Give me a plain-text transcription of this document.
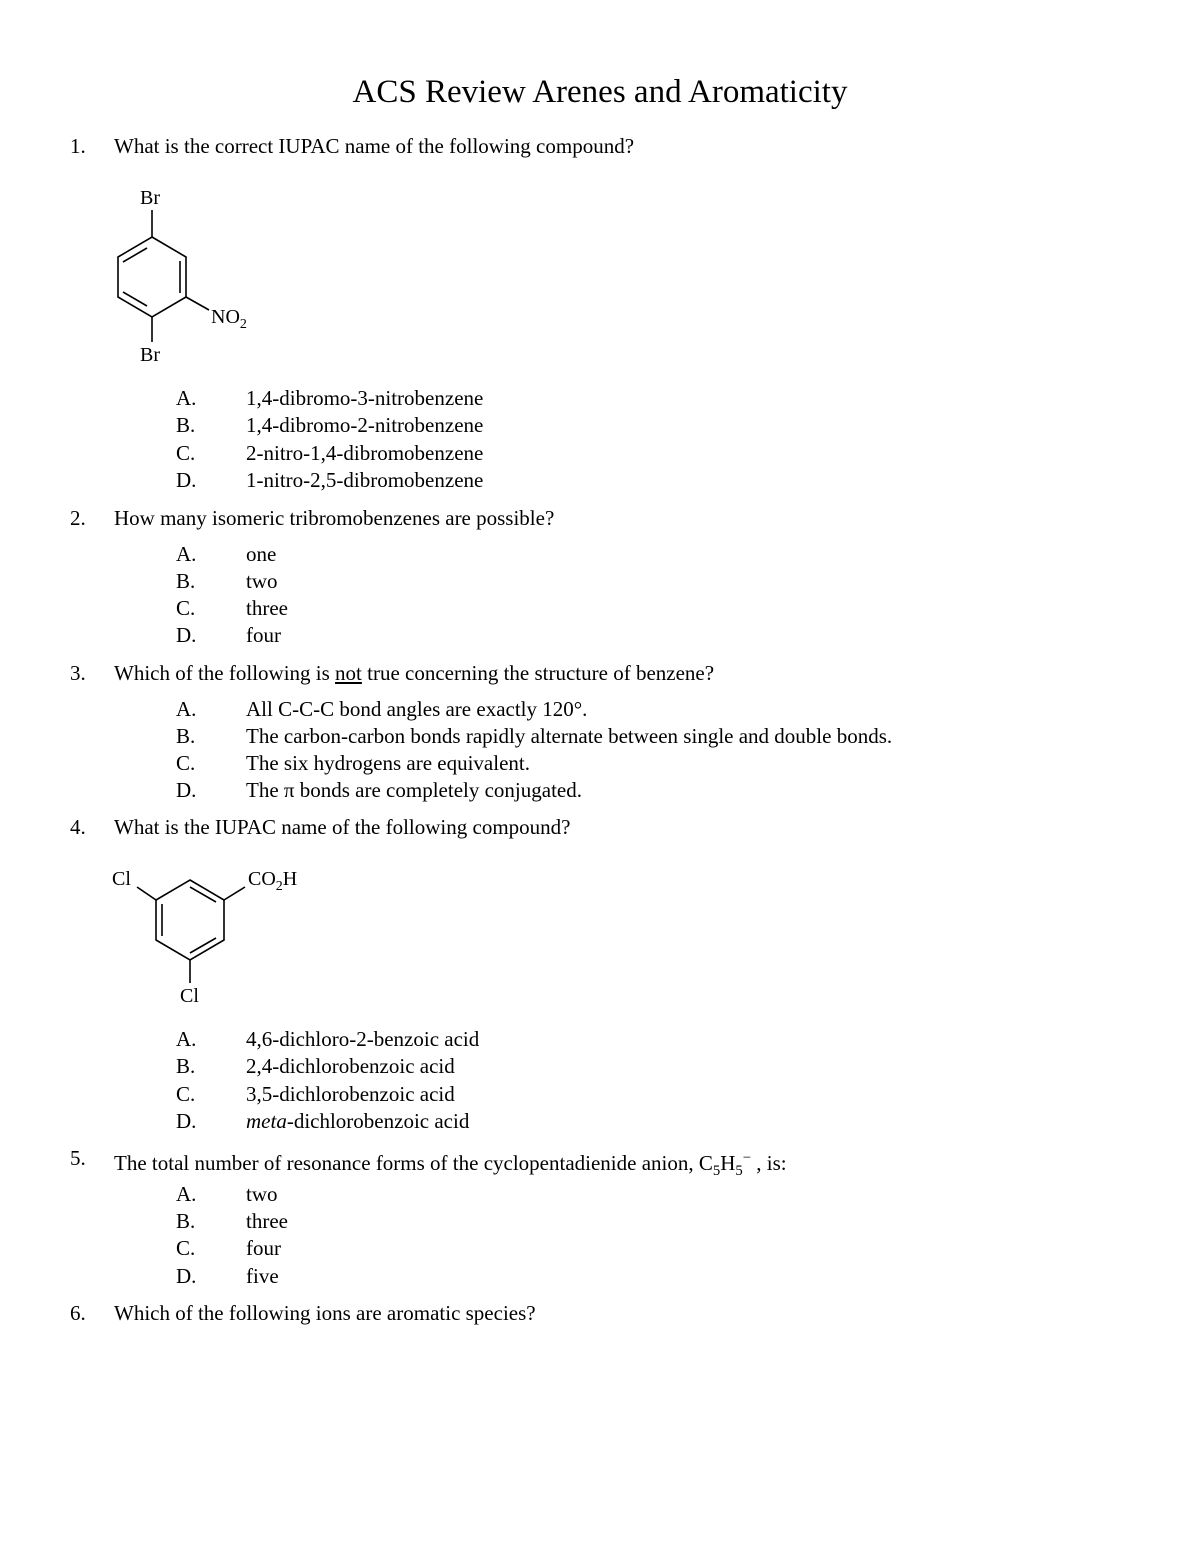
ACS Review Arenes and Aromaticity
1. What is the correct IUPAC name of the following compound?
Br
Br
$NO_2$
A. 1,4-dibromo-3-nitrobenzene
B. 1,4-dibromo-2-nitrobenzene
C. 2-nitro-1,4-dibromobenzene
D. 1-nitro-2,5-dibromobenzene
2. How many isomeric tribromobenzenes are possible?
A. one
B. two
C. three
D. four
3. Which of the following is not true concerning the structure of benzene?
A. All C-C-C bond angles are exactly 120°.
B. The carbon-carbon bonds rapidly alternate between single and double bonds.
C. The six hydrogens are equivalent.
D. The π bonds are completely conjugated.
4. What is the IUPAC name of the following compound?
Cl
Cl
$CO_2H$
A. 4,6-dichloro-2-benzoic acid
B. 2,4-dichlorobenzoic acid
C. 3,5-dichlorobenzoic acid
D. meta-dichlorobenzoic acid
5. The total number of resonance forms of the cyclopentadienide anion, $C_5H_5^-$ , is:
A. two
B. three
C. four
D. five
6. Which of the following ions are aromatic species?
